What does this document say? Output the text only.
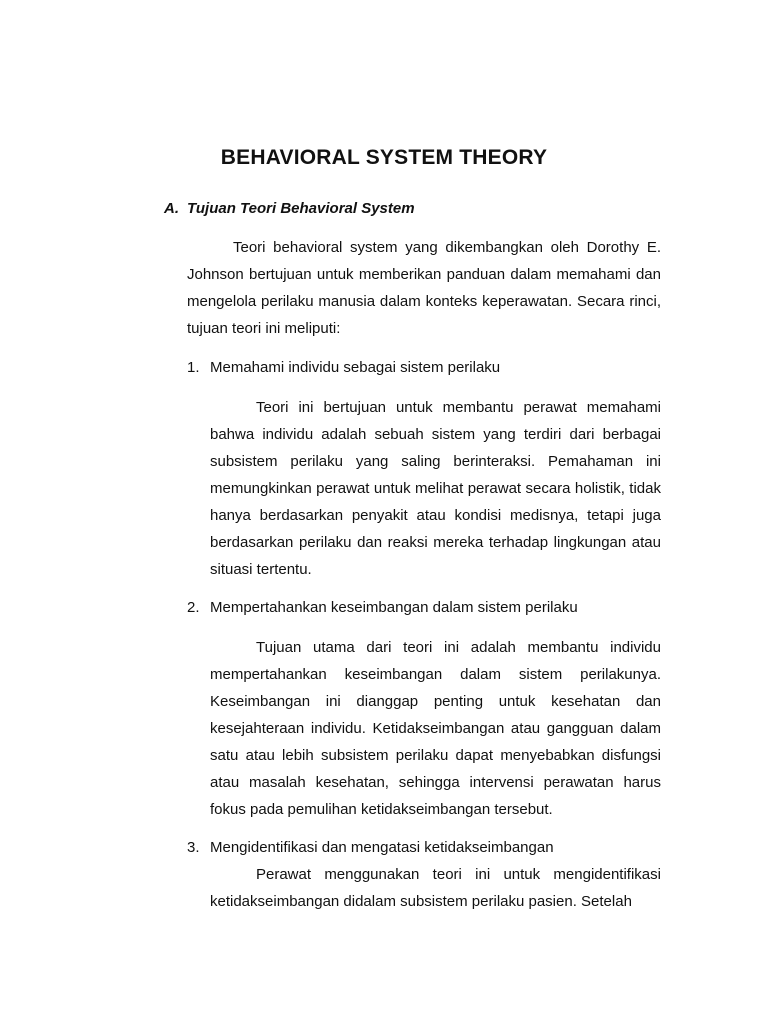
BEHAVIORAL SYSTEM THEORY
A. Tujuan Teori Behavioral System

Teori behavioral system yang dikembangkan oleh Dorothy E. Johnson bertujuan untuk memberikan panduan dalam memahami dan mengelola perilaku manusia dalam konteks keperawatan. Secara rinci, tujuan teori ini meliputi:

1. Memahami individu sebagai sistem perilaku

Teori ini bertujuan untuk membantu perawat memahami bahwa individu adalah sebuah sistem yang terdiri dari berbagai subsistem perilaku yang saling berinteraksi. Pemahaman ini memungkinkan perawat untuk melihat perawat secara holistik, tidak hanya berdasarkan penyakit atau kondisi medisnya, tetapi juga berdasarkan perilaku dan reaksi mereka terhadap lingkungan atau situasi tertentu.

2. Mempertahankan keseimbangan dalam sistem perilaku

Tujuan utama dari teori ini adalah membantu individu mempertahankan keseimbangan dalam sistem perilakunya. Keseimbangan ini dianggap penting untuk kesehatan dan kesejahteraan individu. Ketidakseimbangan atau gangguan dalam satu atau lebih subsistem perilaku dapat menyebabkan disfungsi atau masalah kesehatan, sehingga intervensi perawatan harus fokus pada pemulihan ketidakseimbangan tersebut.

3. Mengidentifikasi dan mengatasi ketidakseimbangan

Perawat menggunakan teori ini untuk mengidentifikasi ketidakseimbangan didalam subsistem perilaku pasien. Setelah
